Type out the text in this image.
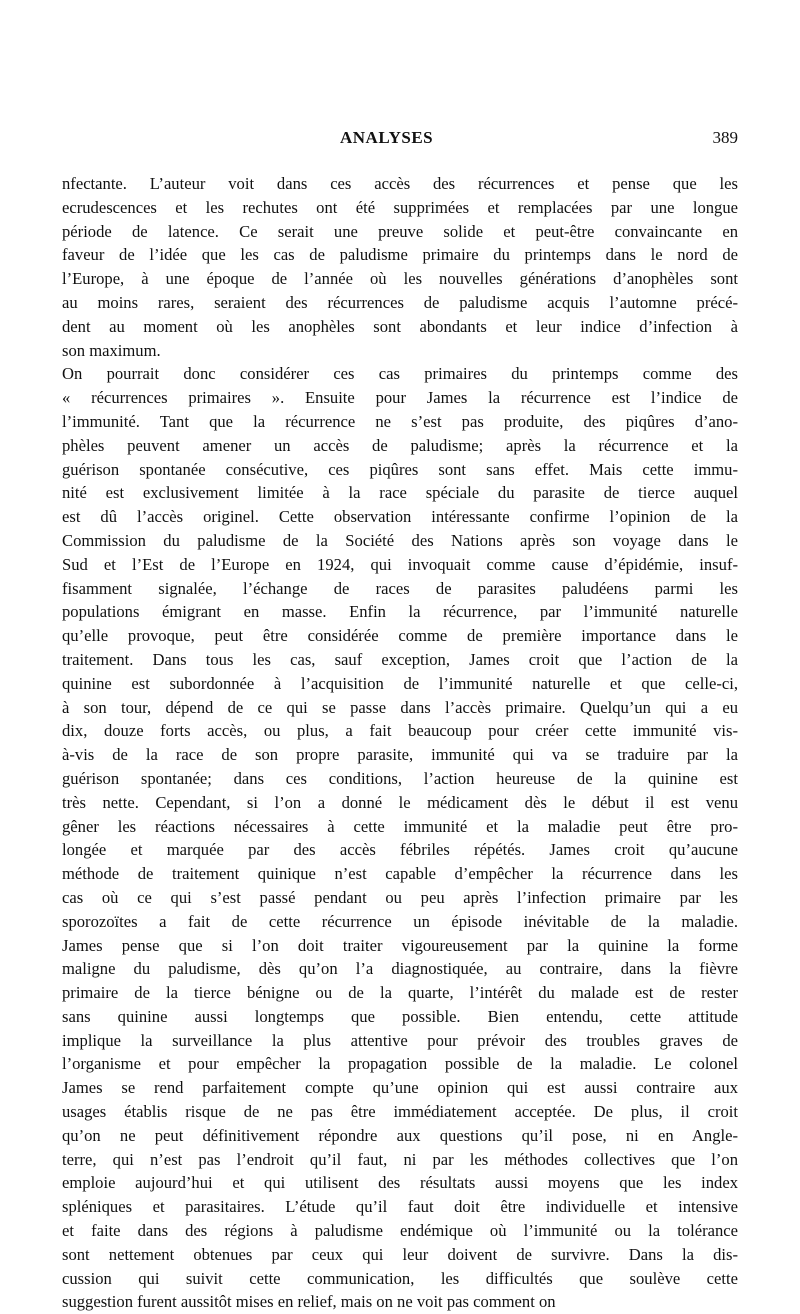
ANALYSES	389
nfectante. L’auteur voit dans ces accès des récurrences et pense que les
ecrudescences et les rechutes ont été supprimées et remplacées par une longue
période de latence. Ce serait une preuve solide et peut-être convaincante en
faveur de l’idée que les cas de paludisme primaire du printemps dans le nord de
l’Europe, à une époque de l’année où les nouvelles générations d’anophèles sont
au moins rares, seraient des récurrences de paludisme acquis l’automne précé-
dent au moment où les anophèles sont abondants et leur indice d’infection à
son maximum.
On pourrait donc considérer ces cas primaires du printemps comme des
« récurrences primaires ». Ensuite pour James la récurrence est l’indice de
l’immunité. Tant que la récurrence ne s’est pas produite, des piqûres d’ano-
phèles peuvent amener un accès de paludisme; après la récurrence et la
guérison spontanée consécutive, ces piqûres sont sans effet. Mais cette immu-
nité est exclusivement limitée à la race spéciale du parasite de tierce auquel
est dû l’accès originel. Cette observation intéressante confirme l’opinion de la
Commission du paludisme de la Société des Nations après son voyage dans le
Sud et l’Est de l’Europe en 1924, qui invoquait comme cause d’épidémie, insuf-
fisamment signalée, l’échange de races de parasites paludéens parmi les
populations émigrant en masse. Enfin la récurrence, par l’immunité naturelle
qu’elle provoque, peut être considérée comme de première importance dans le
traitement. Dans tous les cas, sauf exception, James croit que l’action de la
quinine est subordonnée à l’acquisition de l’immunité naturelle et que celle-ci,
à son tour, dépend de ce qui se passe dans l’accès primaire. Quelqu’un qui a eu
dix, douze forts accès, ou plus, a fait beaucoup pour créer cette immunité vis-
à-vis de la race de son propre parasite, immunité qui va se traduire par la
guérison spontanée; dans ces conditions, l’action heureuse de la quinine est
très nette. Cependant, si l’on a donné le médicament dès le début il est venu
gêner les réactions nécessaires à cette immunité et la maladie peut être pro-
longée et marquée par des accès fébriles répétés. James croit qu’aucune
méthode de traitement quinique n’est capable d’empêcher la récurrence dans les
cas où ce qui s’est passé pendant ou peu après l’infection primaire par les
sporozoïtes a fait de cette récurrence un épisode inévitable de la maladie.
James pense que si l’on doit traiter vigoureusement par la quinine la forme
maligne du paludisme, dès qu’on l’a diagnostiquée, au contraire, dans la fièvre
primaire de la tierce bénigne ou de la quarte, l’intérêt du malade est de rester
sans quinine aussi longtemps que possible. Bien entendu, cette attitude
implique la surveillance la plus attentive pour prévoir des troubles graves de
l’organisme et pour empêcher la propagation possible de la maladie. Le colonel
James se rend parfaitement compte qu’une opinion qui est aussi contraire aux
usages établis risque de ne pas être immédiatement acceptée. De plus, il croit
qu’on ne peut définitivement répondre aux questions qu’il pose, ni en Angle-
terre, qui n’est pas l’endroit qu’il faut, ni par les méthodes collectives que l’on
emploie aujourd’hui et qui utilisent des résultats aussi moyens que les index
spléniques et parasitaires. L’étude qu’il faut doit être individuelle et intensive
et faite dans des régions à paludisme endémique où l’immunité ou la tolérance
sont nettement obtenues par ceux qui leur doivent de survivre. Dans la dis-
cussion qui suivit cette communication, les difficultés que soulève cette
suggestion furent aussitôt mises en relief, mais on ne voit pas comment on
